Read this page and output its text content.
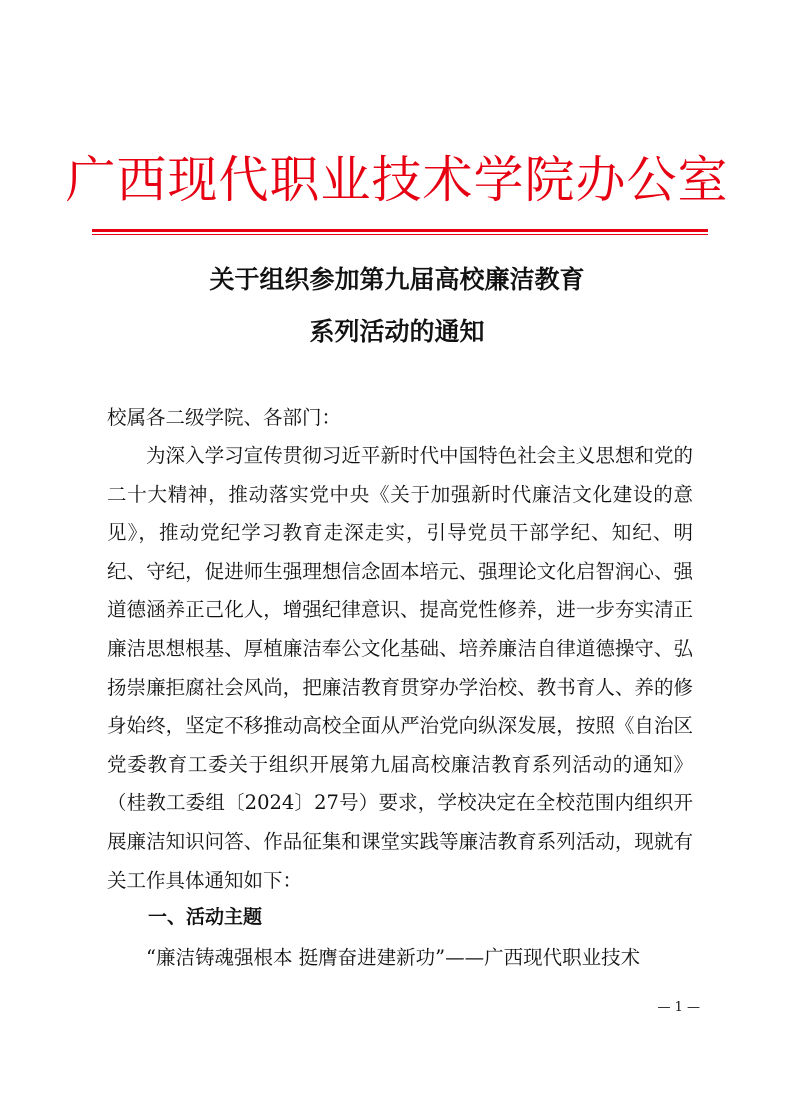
广西现代职业技术学院办公室
关于组织参加第九届高校廉洁教育
系列活动的通知
校属各二级学院、各部门：
为深入学习宣传贯彻习近平新时代中国特色社会主义思想和党的二十大精神，推动落实党中央《关于加强新时代廉洁文化建设的意见》，推动党纪学习教育走深走实，引导党员干部学纪、知纪、明纪、守纪，促进师生强理想信念固本培元、强理论文化启智润心、强道德涵养正己化人，增强纪律意识、提高党性修养，进一步夯实清正廉洁思想根基、厚植廉洁奉公文化基础、培养廉洁自律道德操守、弘扬崇廉拒腐社会风尚，把廉洁教育贯穿办学治校、教书育人、养的修身始终，坚定不移推动高校全面从严治党向纵深发展，按照《自治区党委教育工委关于组织开展第九届高校廉洁教育系列活动的通知》（桂教工委组〔2024〕27号）要求，学校决定在全校范围内组织开展廉洁知识问答、作品征集和课堂实践等廉洁教育系列活动，现就有关工作具体通知如下：
一、活动主题
“廉洁铸魂强根本 挺膺奋进建新功”——广西现代职业技术
— 1 —
